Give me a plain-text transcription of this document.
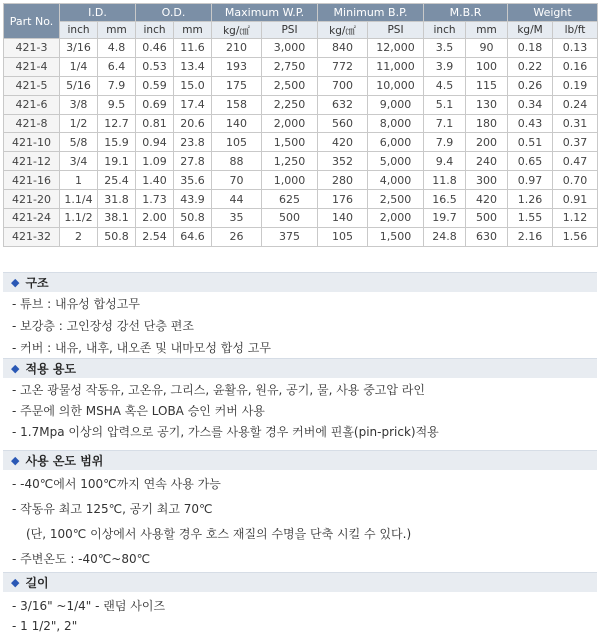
Part No.	I.D.		O.D.		Maximum W.P.		Minimum B.P.		M.B.R		Weight	
	inch	mm	inch	mm	kg/㎠	PSI	kg/㎠	PSI	inch	mm	kg/M	lb/ft
421-3	3/16	4.8	0.46	11.6	210	3,000	840	12,000	3.5	90	0.18	0.13
421-4	1/4	6.4	0.53	13.4	193	2,750	772	11,000	3.9	100	0.22	0.16
421-5	5/16	7.9	0.59	15.0	175	2,500	700	10,000	4.5	115	0.26	0.19
421-6	3/8	9.5	0.69	17.4	158	2,250	632	9,000	5.1	130	0.34	0.24
421-8	1/2	12.7	0.81	20.6	140	2,000	560	8,000	7.1	180	0.43	0.31
421-10	5/8	15.9	0.94	23.8	105	1,500	420	6,000	7.9	200	0.51	0.37
421-12	3/4	19.1	1.09	27.8	88	1,250	352	5,000	9.4	240	0.65	0.47
421-16	1	25.4	1.40	35.6	70	1,000	280	4,000	11.8	300	0.97	0.70
421-20	1.1/4	31.8	1.73	43.9	44	625	176	2,500	16.5	420	1.26	0.91
421-24	1.1/2	38.1	2.00	50.8	35	500	140	2,000	19.7	500	1.55	1.12
421-32	2	50.8	2.54	64.6	26	375	105	1,500	24.8	630	2.16	1.56
◆ 구조
- 튜브 : 내유성 합성고무
- 보강층 : 고인장성 강선 단층 편조
- 커버 : 내유, 내후, 내오존 및 내마모성 합성 고무
◆ 적용 용도
- 고온 광물성 작동유, 고온유, 그리스, 윤활유, 원유, 공기, 물, 사용 중고압 라인
- 주문에 의한 MSHA 혹은 LOBA 승인 커버 사용
- 1.7Mpa 이상의 압력으로 공기, 가스를 사용할 경우 커버에 핀홀(pin-prick)적용
◆ 사용 온도 범위
- -40℃에서 100℃까지 연속 사용 가능
- 작동유 최고 125℃, 공기 최고 70℃
(단, 100℃ 이상에서 사용할 경우 호스 재질의 수명을 단축 시킬 수 있다.)
- 주변온도 : -40℃~80℃
◆ 길이
- 3/16" ~1/4" - 랜덤 사이즈
- 1 1/2", 2"
